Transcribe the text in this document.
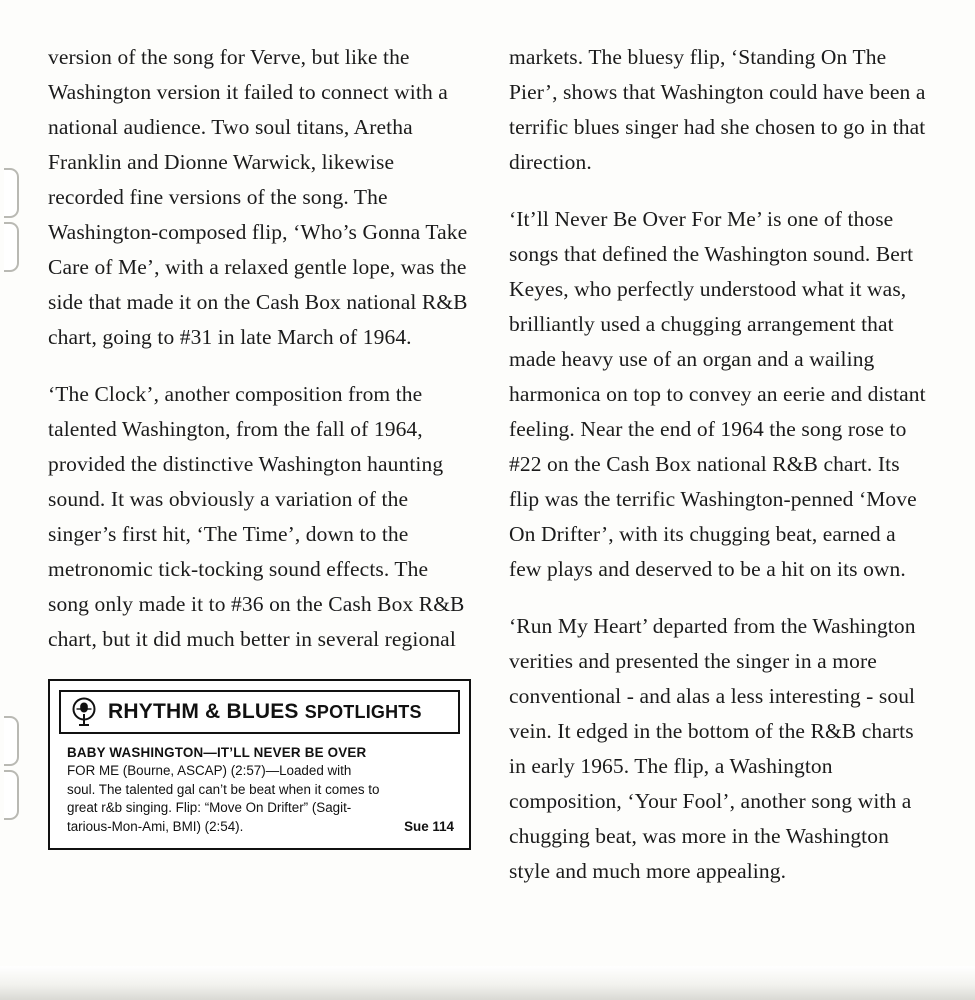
version of the song for Verve, but like the Washington version it failed to connect with a national audience. Two soul titans, Aretha Franklin and Dionne Warwick, likewise recorded fine versions of the song. The Washington-composed flip, ‘Who’s Gonna Take Care of Me’, with a relaxed gentle lope, was the side that made it on the Cash Box national R&B chart, going to #31 in late March of 1964.

‘The Clock’, another composition from the talented Washington, from the fall of 1964, provided the distinctive Washington haunting sound. It was obviously a variation of the singer’s first hit, ‘The Time’, down to the metronomic tick-tocking sound effects. The song only made it to #36 on the Cash Box R&B chart, but it did much better in several regional

RHYTHM & BLUES SPOTLIGHTS
BABY WASHINGTON—IT’LL NEVER BE OVER
FOR ME (Bourne, ASCAP) (2:57)—Loaded with
soul. The talented gal can’t be beat when it comes to
great r&b singing. Flip: “Move On Drifter” (Sagit-
tarious-Mon-Ami, BMI) (2:54).	Sue 114

markets. The bluesy flip, ‘Standing On The Pier’, shows that Washington could have been a terrific blues singer had she chosen to go in that direction.

‘It’ll Never Be Over For Me’ is one of those songs that defined the Washington sound. Bert Keyes, who perfectly understood what it was, brilliantly used a chugging arrangement that made heavy use of an organ and a wailing harmonica on top to convey an eerie and distant feeling. Near the end of 1964 the song rose to #22 on the Cash Box national R&B chart. Its flip was the terrific Washington-penned ‘Move On Drifter’, with its chugging beat, earned a few plays and deserved to be a hit on its own.

‘Run My Heart’ departed from the Washington verities and presented the singer in a more conventional - and alas a less interesting - soul vein. It edged in the bottom of the R&B charts in early 1965. The flip, a Washington composition, ‘Your Fool’, another song with a chugging beat, was more in the Washington style and much more appealing.
